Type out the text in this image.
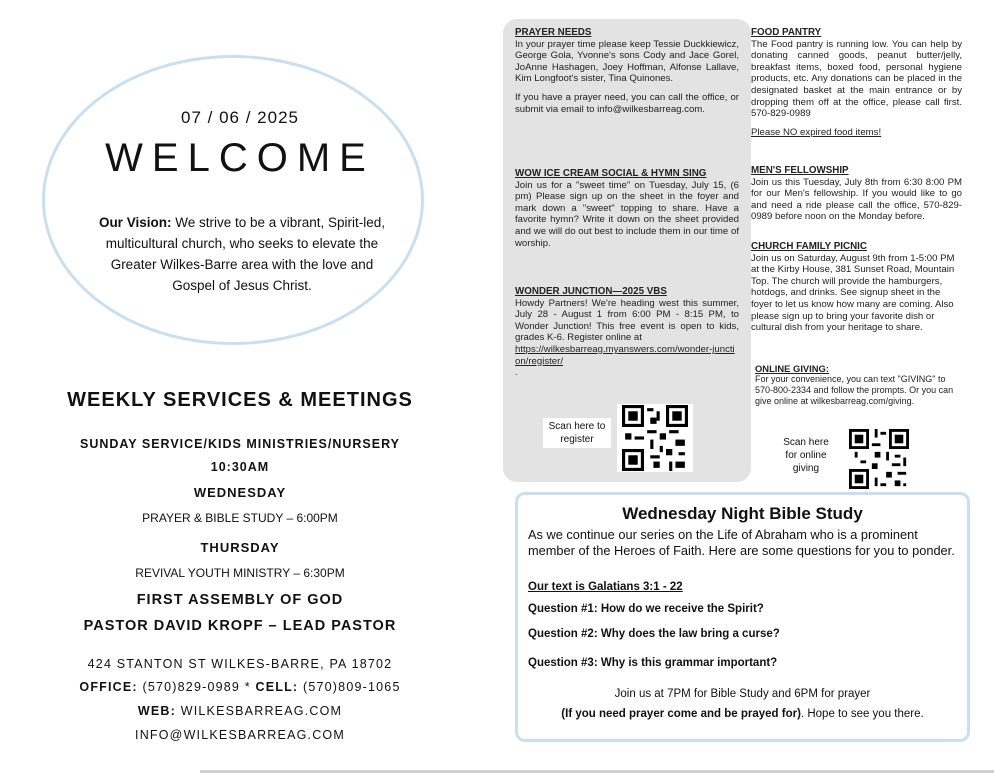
07 / 06 / 2025
WELCOME
Our Vision: We strive to be a vibrant, Spirit-led, multicultural church, who seeks to elevate the Greater Wilkes-Barre area with the love and Gospel of Jesus Christ.
WEEKLY SERVICES & MEETINGS
SUNDAY SERVICE/KIDS MINISTRIES/NURSERY
10:30AM
WEDNESDAY
PRAYER & BIBLE STUDY – 6:00PM
THURSDAY
REVIVAL YOUTH MINISTRY – 6:30PM
FIRST ASSEMBLY OF GOD
PASTOR DAVID KROPF – LEAD PASTOR
424 STANTON ST WILKES-BARRE, PA 18702
OFFICE: (570)829-0989 * CELL: (570)809-1065
WEB: WILKESBARREAG.COM
INFO@WILKESBARREAG.COM
PRAYER NEEDS
In your prayer time please keep Tessie Duckkiewicz, George Gola, Yvonne's sons Cody and Jace Gorel, JoAnne Hashagen, Joey Hoffman, Alfonse Lallave, Kim Longfoot's sister, Tina Quinones.
If you have a prayer need, you can call the office, or submit via email to info@wilkesbarreag.com.
WOW ICE CREAM SOCIAL & HYMN SING
Join us for a "sweet time" on Tuesday, July 15, (6 pm) Please sign up on the sheet in the foyer and mark down a "sweet" topping to share. Have a favorite hymn? Write it down on the sheet provided and we will do out best to include them in our time of worship.
WONDER JUNCTION—2025 VBS
Howdy Partners! We're heading west this summer, July 28 - August 1 from 6:00 PM - 8:15 PM, to Wonder Junction! This free event is open to kids, grades K-6. Register online at
https://wilkesbarreag.myanswers.com/wonder-junction/register/
.
Scan here to register
FOOD PANTRY
The Food pantry is running low. You can help by donating canned goods, peanut butter/jelly, breakfast items, boxed food, personal hygiene products, etc. Any donations can be placed in the designated basket at the main entrance or by dropping them off at the office, please call first. 570-829-0989
Please NO expired food items!
MEN'S FELLOWSHIP
Join us this Tuesday, July 8th from 6:30 8:00 PM for our Men's fellowship. If you would like to go and need a ride please call the office, 570-829-0989 before noon on the Monday before.
CHURCH FAMILY PICNIC
Join us on Saturday, August 9th from 1-5:00 PM at the Kirby House, 381 Sunset Road, Mountain Top. The church will provide the hamburgers, hotdogs, and drinks. See signup sheet in the foyer to let us know how many are coming. Also please sign up to bring your favorite dish or cultural dish from your heritage to share.
ONLINE GIVING:
For your convenience, you can text "GIVING" to 570-800-2334 and follow the prompts. Or you can give online at wilkesbarreag.com/giving.
Scan here for online giving
Wednesday Night Bible Study
As we continue our series on the Life of Abraham who is a prominent member of the Heroes of Faith. Here are some questions for you to ponder.
Our text is Galatians 3:1 - 22
Question #1: How do we receive the Spirit?
Question #2: Why does the law bring a curse?
Question #3: Why is this grammar important?
Join us at 7PM for Bible Study and 6PM for prayer
(If you need prayer come and be prayed for). Hope to see you there.
